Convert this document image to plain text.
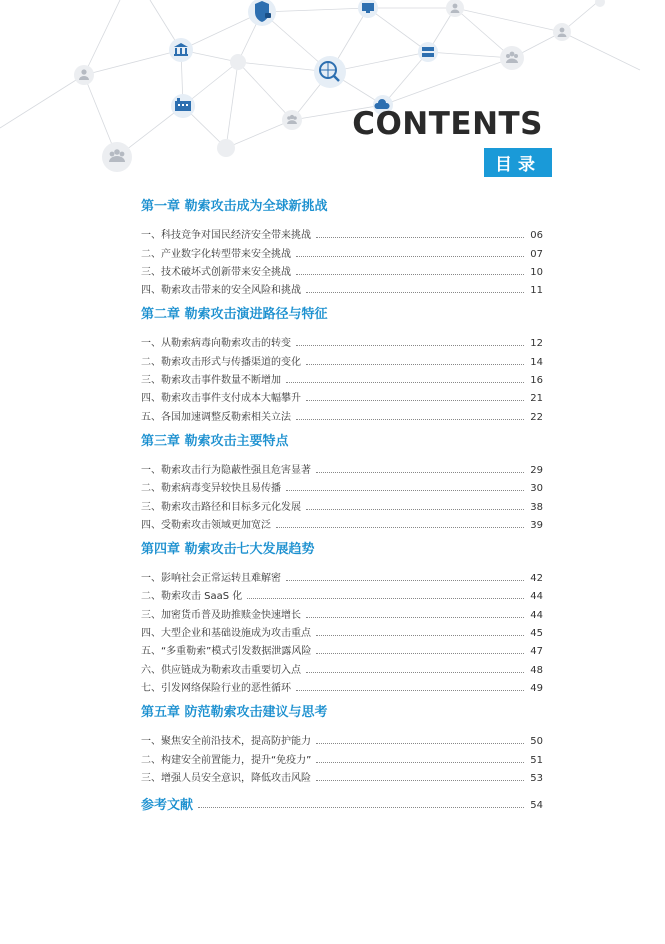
CONTENTS
目录
第一章 勒索攻击成为全球新挑战
一、科技竞争对国民经济安全带来挑战	06
二、产业数字化转型带来安全挑战	07
三、技术破坏式创新带来安全挑战	10
四、勒索攻击带来的安全风险和挑战	11
第二章 勒索攻击演进路径与特征
一、从勒索病毒向勒索攻击的转变	12
二、勒索攻击形式与传播渠道的变化	14
三、勒索攻击事件数量不断增加	16
四、勒索攻击事件支付成本大幅攀升	21
五、各国加速调整反勒索相关立法	22
第三章 勒索攻击主要特点
一、勒索攻击行为隐蔽性强且危害显著	29
二、勒索病毒变异较快且易传播	30
三、勒索攻击路径和目标多元化发展	38
四、受勒索攻击领域更加宽泛	39
第四章 勒索攻击七大发展趋势
一、影响社会正常运转且难解密	42
二、勒索攻击 SaaS 化	44
三、加密货币普及助推赎金快速增长	44
四、大型企业和基础设施成为攻击重点	45
五、“多重勒索”模式引发数据泄露风险	47
六、供应链成为勒索攻击重要切入点	48
七、引发网络保险行业的恶性循环	49
第五章 防范勒索攻击建议与思考
一、聚焦安全前沿技术，提高防护能力	50
二、构建安全前置能力，提升“免疫力”	51
三、增强人员安全意识，降低攻击风险	53
参考文献	54
